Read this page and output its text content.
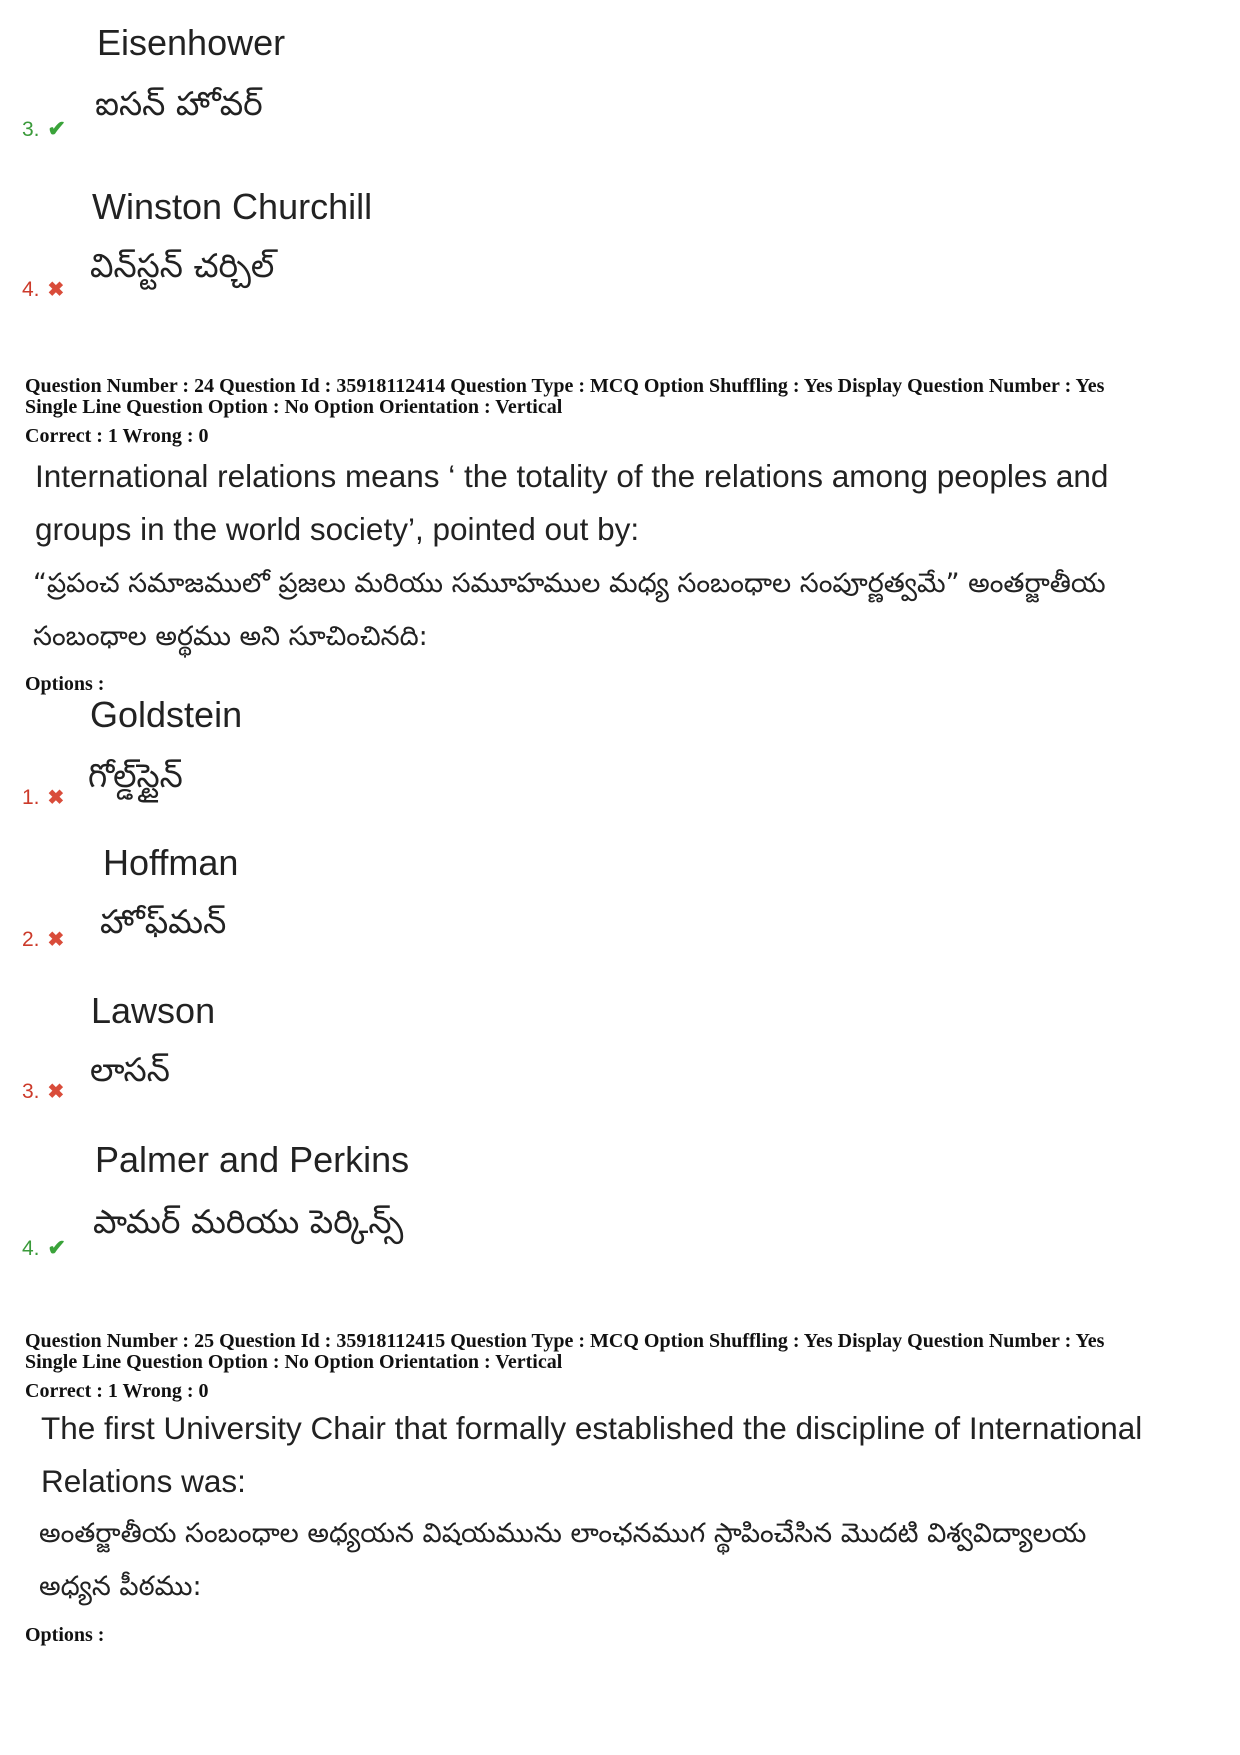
Eisenhower
ఐసన్ హోవర్
3. ✔
Winston Churchill
విన్‌స్టన్ చర్చిల్
4. ✖
Question Number : 24 Question Id : 35918112414 Question Type : MCQ Option Shuffling : Yes Display Question Number : Yes
Single Line Question Option : No Option Orientation : Vertical
Correct : 1 Wrong : 0
International relations means ‘ the totality of the relations among peoples and
groups in the world society’, pointed out by:
“ప్రపంచ సమాజములో ప్రజలు మరియు సమూహముల మధ్య సంబంధాల సంపూర్ణత్వమే” అంతర్జాతీయ
సంబంధాల అర్థము అని సూచించినది:
Options :
Goldstein
గోల్డ్‌స్టైన్
1. ✖
Hoffman
హోఫ్‌మన్
2. ✖
Lawson
లాసన్
3. ✖
Palmer and Perkins
పామర్ మరియు పెర్కిన్స్
4. ✔
Question Number : 25 Question Id : 35918112415 Question Type : MCQ Option Shuffling : Yes Display Question Number : Yes
Single Line Question Option : No Option Orientation : Vertical
Correct : 1 Wrong : 0
The first University Chair that formally established the discipline of International
Relations was:
అంతర్జాతీయ సంబంధాల అధ్యయన విషయమును లాంఛనముగ స్థాపించేసిన మొదటి విశ్వవిద్యాలయ
అధ్యన పీఠము:
Options :
